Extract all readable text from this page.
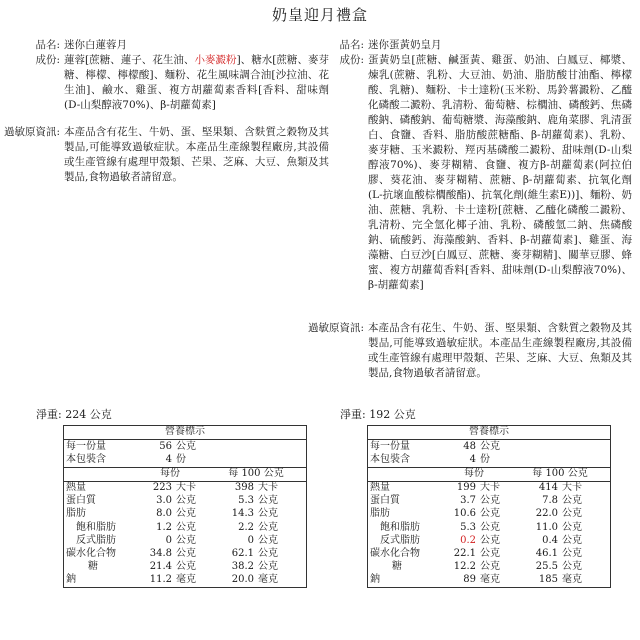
奶皇迎月禮盒
品名: 迷你白蓮蓉月
成份: 蓮蓉[蔗糖、蓮子、花生油、小麥澱粉]、糖水[蔗糖、麥芽糖、檸檬、檸檬酸]、麵粉、花生風味調合油[沙拉油、花生油]、鹼水、雞蛋、複方胡蘿蔔素香料[香料、甜味劑(D-山梨醇液70%)、β-胡蘿蔔素]
過敏原資訊: 本產品含有花生、牛奶、蛋、堅果類、含麩質之穀物及其製品,可能導致過敏症狀。本產品生產線製程廠房,其設備或生產管線有處理甲殼類、芒果、芝麻、大豆、魚類及其製品,食物過敏者請留意。
淨重: 224 公克
品名: 迷你蛋黃奶皇月
成份: 蛋黃奶皇[蔗糖、鹹蛋黃、雞蛋、奶油、白鳳豆、椰漿、煉乳(蔗糖、乳粉、大豆油、奶油、脂肪酸甘油酯、檸檬酸、乳糖)、麵粉、卡士達粉(玉米粉、馬鈴薯澱粉、乙醯化磷酸二澱粉、乳清粉、葡萄糖、棕櫚油、磷酸鈣、焦磷酸鈉、磷酸鈉、葡萄糖漿、海藻酸鈉、鹿角菜膠、乳清蛋白、食鹽、香料、脂肪酸蔗糖酯、β-胡蘿蔔素)、乳粉、麥芽糖、玉米澱粉、羥丙基磷酸二澱粉、甜味劑(D-山梨醇液70%)、麥芽糊精、食鹽、複方β-胡蘿蔔素(阿拉伯膠、葵花油、麥芽糊精、蔗糖、β-胡蘿蔔素、抗氧化劑(L-抗壞血酸棕櫚酸酯)、抗氧化劑(維生素E))]、麵粉、奶油、蔗糖、乳粉、卡士達粉[蔗糖、乙醯化磷酸二澱粉、乳清粉、完全氫化椰子油、乳粉、磷酸氫二鈉、焦磷酸鈉、硫酸鈣、海藻酸鈉、香料、β-胡蘿蔔素]、雞蛋、海藻糖、白豆沙[白鳳豆、蔗糖、麥芽糊精]、關華豆膠、蜂蜜、複方胡蘿蔔香料[香料、甜味劑(D-山梨醇液70%)、β-胡蘿蔔素]
過敏原資訊: 本產品含有花生、牛奶、蛋、堅果類、含麩質之穀物及其製品,可能導致過敏症狀。本產品生產線製程廠房,其設備或生產管線有處理甲殼類、芒果、芝麻、大豆、魚類及其製品,食物過敏者請留意。
淨重: 192 公克
營養標示				
每一份量	56	公克		
本包裝含	4	份		
	每份		每 100 公克	
熱量	223	大卡	398	大卡
蛋白質	3.0	公克	5.3	公克
脂肪	8.0	公克	14.3	公克
飽和脂肪	1.2	公克	2.2	公克
反式脂肪	0	公克	0	公克
碳水化合物	34.8	公克	62.1	公克
糖	21.4	公克	38.2	公克
鈉	11.2	毫克	20.0	毫克
營養標示				
每一份量	48	公克		
本包裝含	4	份		
	每份		每 100 公克	
熱量	199	大卡	414	大卡
蛋白質	3.7	公克	7.8	公克
脂肪	10.6	公克	22.0	公克
飽和脂肪	5.3	公克	11.0	公克
反式脂肪	0.2	公克	0.4	公克
碳水化合物	22.1	公克	46.1	公克
糖	12.2	公克	25.5	公克
鈉	89	毫克	185	毫克
